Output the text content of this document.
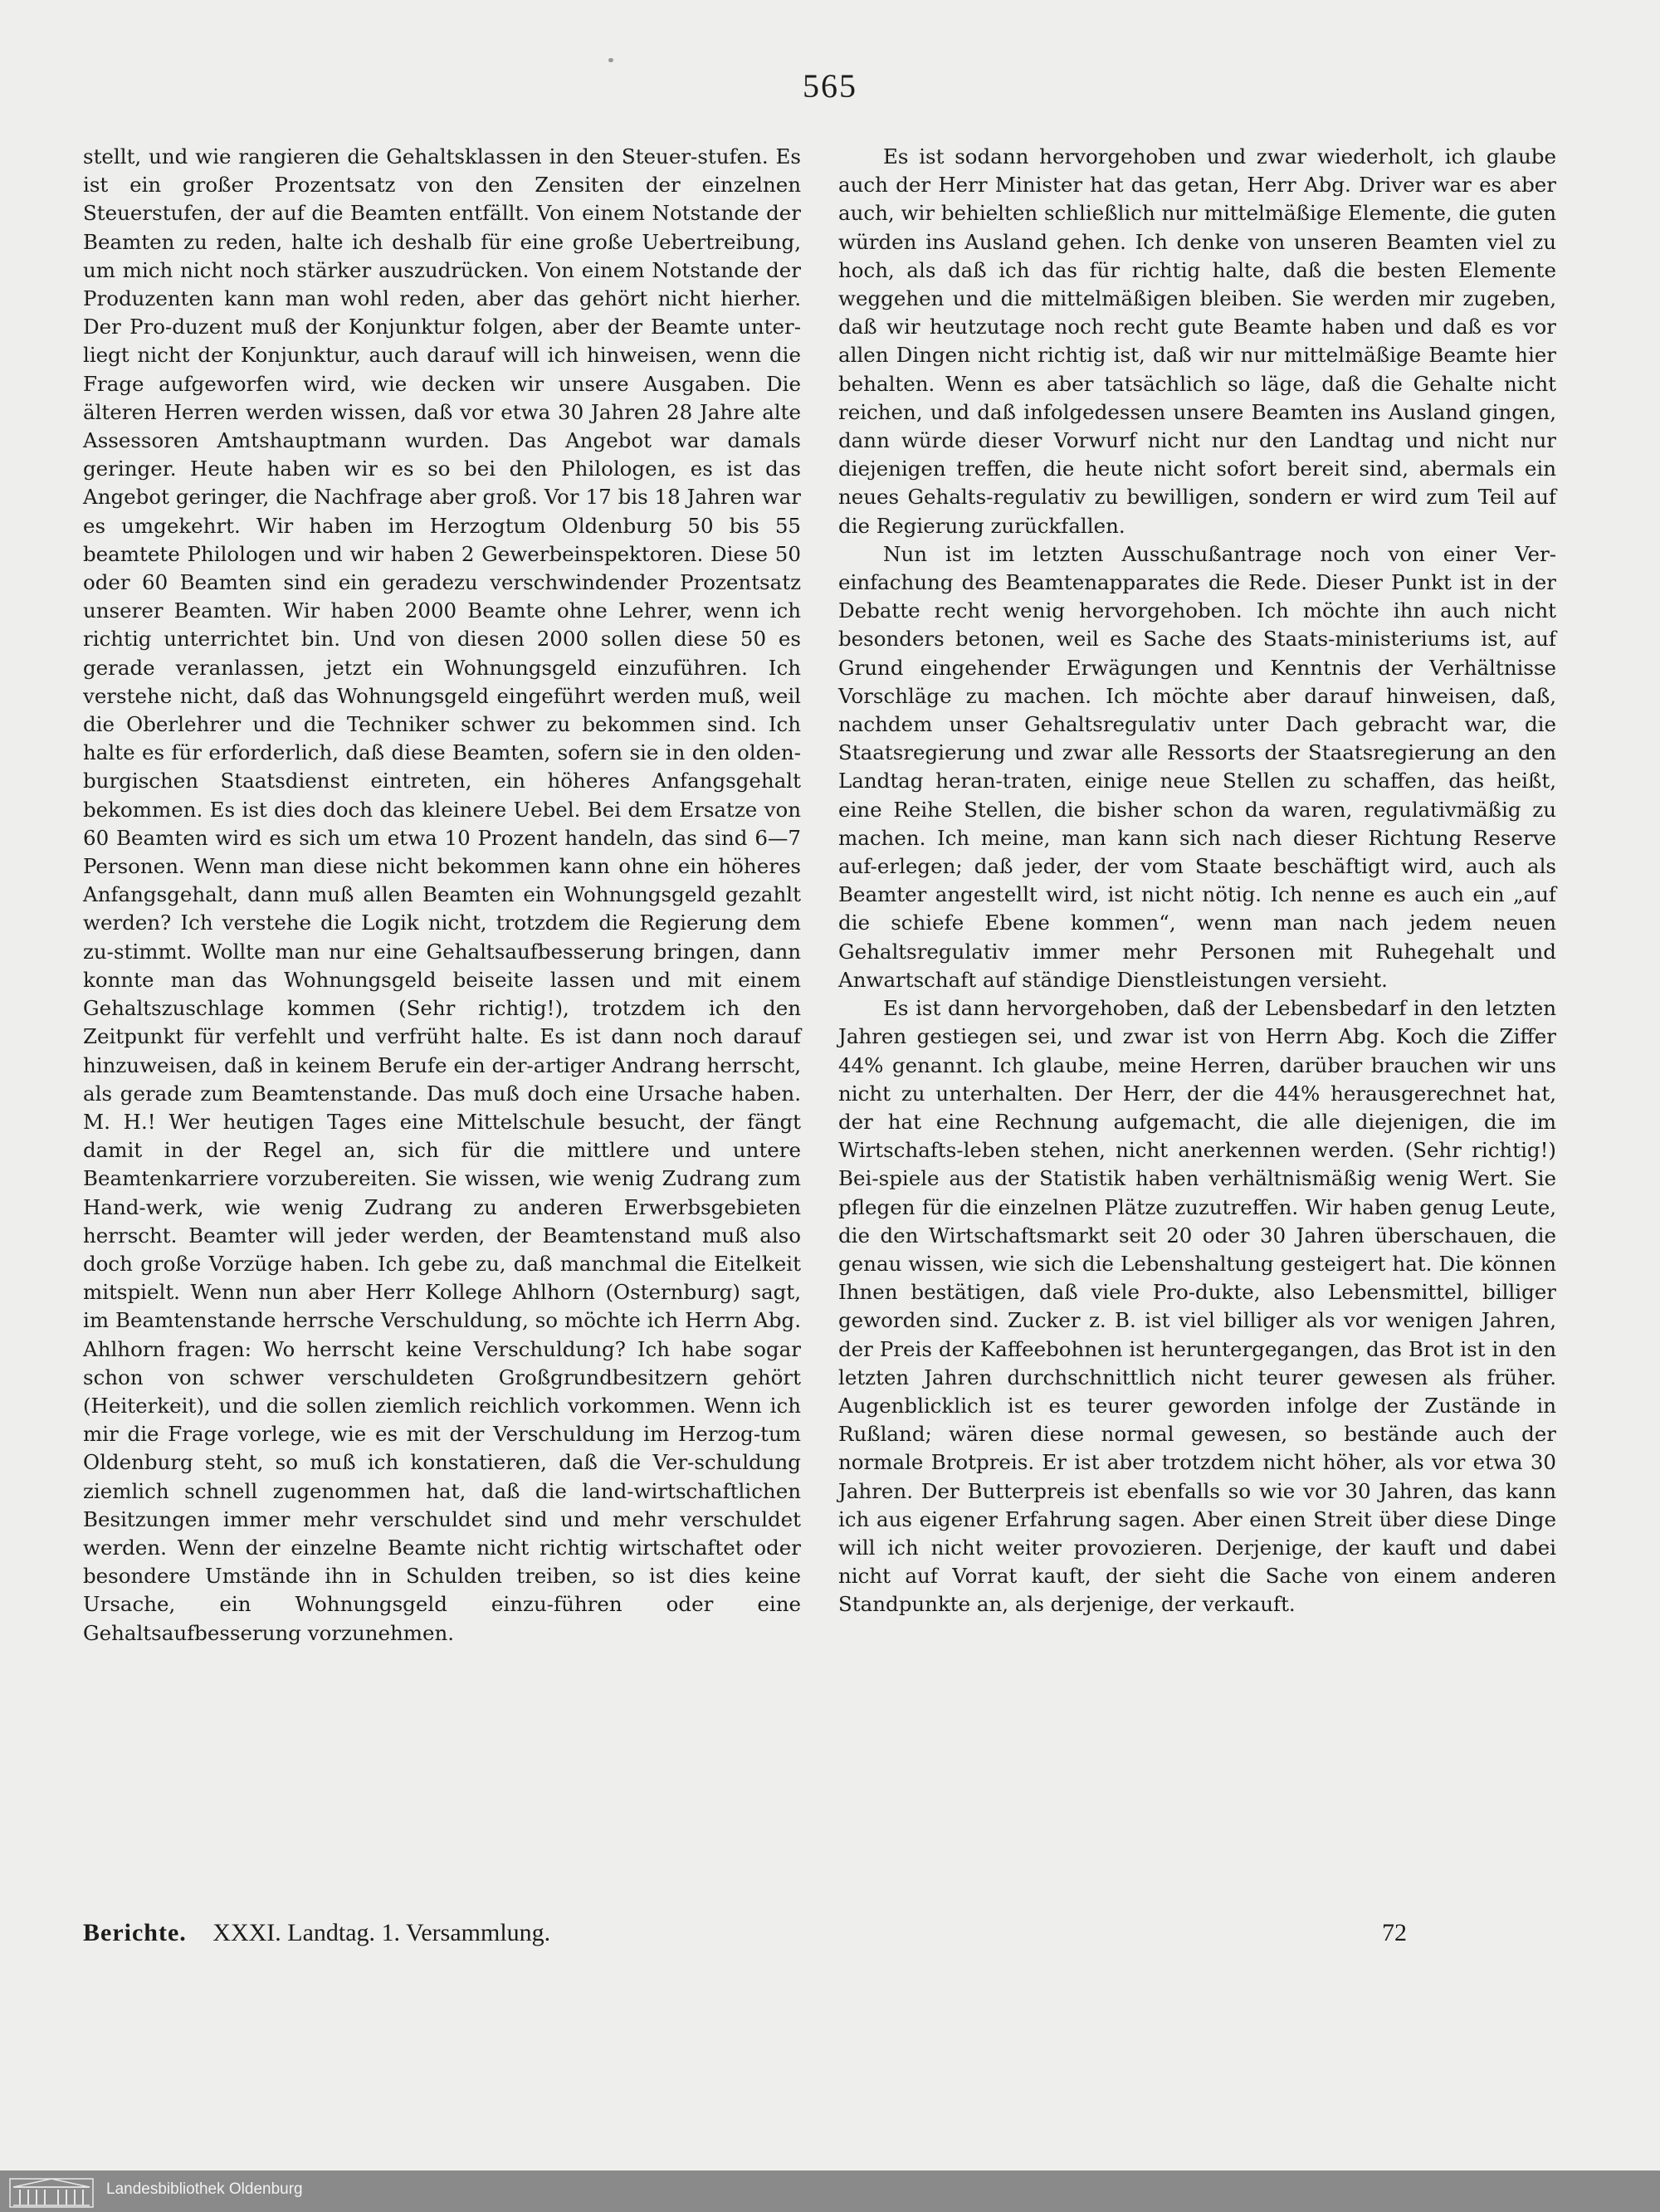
565

stellt, und wie rangieren die Gehaltsklassen in den Steuer-stufen. Es ist ein großer Prozentsatz von den Zensiten der einzelnen Steuerstufen, der auf die Beamten entfällt. Von einem Notstande der Beamten zu reden, halte ich deshalb für eine große Uebertreibung, um mich nicht noch stärker auszudrücken. Von einem Notstande der Produzenten kann man wohl reden, aber das gehört nicht hierher. Der Pro-duzent muß der Konjunktur folgen, aber der Beamte unter-liegt nicht der Konjunktur, auch darauf will ich hinweisen, wenn die Frage aufgeworfen wird, wie decken wir unsere Ausgaben. Die älteren Herren werden wissen, daß vor etwa 30 Jahren 28 Jahre alte Assessoren Amtshauptmann wurden. Das Angebot war damals geringer. Heute haben wir es so bei den Philologen, es ist das Angebot geringer, die Nachfrage aber groß. Vor 17 bis 18 Jahren war es umgekehrt. Wir haben im Herzogtum Oldenburg 50 bis 55 beamtete Philologen und wir haben 2 Gewerbeinspektoren. Diese 50 oder 60 Beamten sind ein geradezu verschwindender Prozentsatz unserer Beamten. Wir haben 2000 Beamte ohne Lehrer, wenn ich richtig unterrichtet bin. Und von diesen 2000 sollen diese 50 es gerade veranlassen, jetzt ein Wohnungsgeld einzuführen. Ich verstehe nicht, daß das Wohnungsgeld eingeführt werden muß, weil die Oberlehrer und die Techniker schwer zu bekommen sind. Ich halte es für erforderlich, daß diese Beamten, sofern sie in den olden-burgischen Staatsdienst eintreten, ein höheres Anfangsgehalt bekommen. Es ist dies doch das kleinere Uebel. Bei dem Ersatze von 60 Beamten wird es sich um etwa 10 Prozent handeln, das sind 6—7 Personen. Wenn man diese nicht bekommen kann ohne ein höheres Anfangsgehalt, dann muß allen Beamten ein Wohnungsgeld gezahlt werden? Ich verstehe die Logik nicht, trotzdem die Regierung dem zu-stimmt. Wollte man nur eine Gehaltsaufbesserung bringen, dann konnte man das Wohnungsgeld beiseite lassen und mit einem Gehaltszuschlage kommen (Sehr richtig!), trotzdem ich den Zeitpunkt für verfehlt und verfrüht halte. Es ist dann noch darauf hinzuweisen, daß in keinem Berufe ein der-artiger Andrang herrscht, als gerade zum Beamtenstande. Das muß doch eine Ursache haben. M. H.! Wer heutigen Tages eine Mittelschule besucht, der fängt damit in der Regel an, sich für die mittlere und untere Beamtenkarriere vorzubereiten. Sie wissen, wie wenig Zudrang zum Hand-werk, wie wenig Zudrang zu anderen Erwerbsgebieten herrscht. Beamter will jeder werden, der Beamtenstand muß also doch große Vorzüge haben. Ich gebe zu, daß manchmal die Eitelkeit mitspielt. Wenn nun aber Herr Kollege Ahlhorn (Osternburg) sagt, im Beamtenstande herrsche Verschuldung, so möchte ich Herrn Abg. Ahlhorn fragen: Wo herrscht keine Verschuldung? Ich habe sogar schon von schwer verschuldeten Großgrundbesitzern gehört (Heiterkeit), und die sollen ziemlich reichlich vorkommen. Wenn ich mir die Frage vorlege, wie es mit der Verschuldung im Herzog-tum Oldenburg steht, so muß ich konstatieren, daß die Ver-schuldung ziemlich schnell zugenommen hat, daß die land-wirtschaftlichen Besitzungen immer mehr verschuldet sind und mehr verschuldet werden. Wenn der einzelne Beamte nicht richtig wirtschaftet oder besondere Umstände ihn in Schulden treiben, so ist dies keine Ursache, ein Wohnungsgeld einzu-führen oder eine Gehaltsaufbesserung vorzunehmen.

Es ist sodann hervorgehoben und zwar wiederholt, ich glaube auch der Herr Minister hat das getan, Herr Abg. Driver war es aber auch, wir behielten schließlich nur mittelmäßige Elemente, die guten würden ins Ausland gehen. Ich denke von unseren Beamten viel zu hoch, als daß ich das für richtig halte, daß die besten Elemente weggehen und die mittelmäßigen bleiben. Sie werden mir zugeben, daß wir heutzutage noch recht gute Beamte haben und daß es vor allen Dingen nicht richtig ist, daß wir nur mittelmäßige Beamte hier behalten. Wenn es aber tatsächlich so läge, daß die Gehalte nicht reichen, und daß infolgedessen unsere Beamten ins Ausland gingen, dann würde dieser Vorwurf nicht nur den Landtag und nicht nur diejenigen treffen, die heute nicht sofort bereit sind, abermals ein neues Gehalts-regulativ zu bewilligen, sondern er wird zum Teil auf die Regierung zurückfallen.

Nun ist im letzten Ausschußantrage noch von einer Ver-einfachung des Beamtenapparates die Rede. Dieser Punkt ist in der Debatte recht wenig hervorgehoben. Ich möchte ihn auch nicht besonders betonen, weil es Sache des Staats-ministeriums ist, auf Grund eingehender Erwägungen und Kenntnis der Verhältnisse Vorschläge zu machen. Ich möchte aber darauf hinweisen, daß, nachdem unser Gehaltsregulativ unter Dach gebracht war, die Staatsregierung und zwar alle Ressorts der Staatsregierung an den Landtag heran-traten, einige neue Stellen zu schaffen, das heißt, eine Reihe Stellen, die bisher schon da waren, regulativmäßig zu machen. Ich meine, man kann sich nach dieser Richtung Reserve auf-erlegen; daß jeder, der vom Staate beschäftigt wird, auch als Beamter angestellt wird, ist nicht nötig. Ich nenne es auch ein „auf die schiefe Ebene kommen“, wenn man nach jedem neuen Gehaltsregulativ immer mehr Personen mit Ruhegehalt und Anwartschaft auf ständige Dienstleistungen versieht.

Es ist dann hervorgehoben, daß der Lebensbedarf in den letzten Jahren gestiegen sei, und zwar ist von Herrn Abg. Koch die Ziffer 44% genannt. Ich glaube, meine Herren, darüber brauchen wir uns nicht zu unterhalten. Der Herr, der die 44% herausgerechnet hat, der hat eine Rechnung aufgemacht, die alle diejenigen, die im Wirtschafts-leben stehen, nicht anerkennen werden. (Sehr richtig!) Bei-spiele aus der Statistik haben verhältnismäßig wenig Wert. Sie pflegen für die einzelnen Plätze zuzutreffen. Wir haben genug Leute, die den Wirtschaftsmarkt seit 20 oder 30 Jahren überschauen, die genau wissen, wie sich die Lebenshaltung gesteigert hat. Die können Ihnen bestätigen, daß viele Pro-dukte, also Lebensmittel, billiger geworden sind. Zucker z. B. ist viel billiger als vor wenigen Jahren, der Preis der Kaffeebohnen ist heruntergegangen, das Brot ist in den letzten Jahren durchschnittlich nicht teurer gewesen als früher. Augenblicklich ist es teurer geworden infolge der Zustände in Rußland; wären diese normal gewesen, so bestände auch der normale Brotpreis. Er ist aber trotzdem nicht höher, als vor etwa 30 Jahren. Der Butterpreis ist ebenfalls so wie vor 30 Jahren, das kann ich aus eigener Erfahrung sagen. Aber einen Streit über diese Dinge will ich nicht weiter provozieren. Derjenige, der kauft und dabei nicht auf Vorrat kauft, der sieht die Sache von einem anderen Standpunkte an, als derjenige, der verkauft.

Berichte. XXXI. Landtag. 1. Versammlung.	72
Landesbibliothek Oldenburg
